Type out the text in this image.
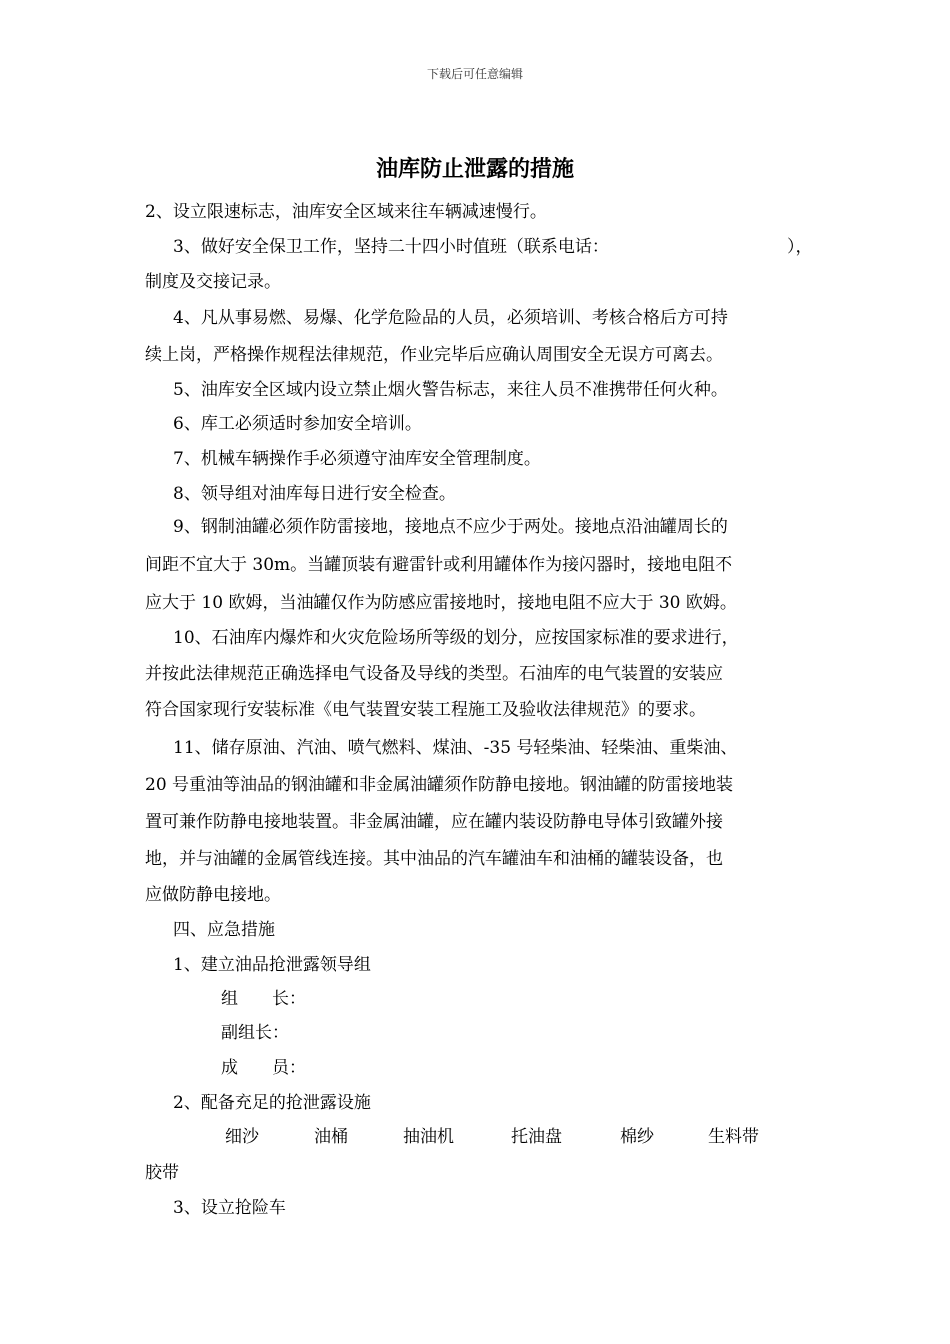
下载后可任意编辑
油库防止泄露的措施

2、设立限速标志，油库安全区域来往车辆减速慢行。

3、做好安全保卫工作，坚持二十四小时值班（联系电话：	），

制度及交接记录。

4、凡从事易燃、易爆、化学危险品的人员，必须培训、考核合格后方可持

续上岗，严格操作规程法律规范，作业完毕后应确认周围安全无误方可离去。

5、油库安全区域内设立禁止烟火警告标志，来往人员不准携带任何火种。

6、库工必须适时参加安全培训。

7、机械车辆操作手必须遵守油库安全管理制度。

8、领导组对油库每日进行安全检查。

9、钢制油罐必须作防雷接地，接地点不应少于两处。接地点沿油罐周长的

间距不宜大于 30m。当罐顶装有避雷针或利用罐体作为接闪器时，接地电阻不

应大于 10 欧姆，当油罐仅作为防感应雷接地时，接地电阻不应大于 30 欧姆。

10、石油库内爆炸和火灾危险场所等级的划分，应按国家标准的要求进行，

并按此法律规范正确选择电气设备及导线的类型。石油库的电气装置的安装应

符合国家现行安装标准《电气装置安装工程施工及验收法律规范》的要求。

11、储存原油、汽油、喷气燃料、煤油、-35 号轻柴油、轻柴油、重柴油、

20 号重油等油品的钢油罐和非金属油罐须作防静电接地。钢油罐的防雷接地装

置可兼作防静电接地装置。非金属油罐，应在罐内装设防静电导体引致罐外接

地，并与油罐的金属管线连接。其中油品的汽车罐油车和油桶的罐装设备，也

应做防静电接地。

四、应急措施

1、建立油品抢泄露领导组

组　　长：

副组长：

成　　员：

2、配备充足的抢泄露设施

细沙	油桶	抽油机	托油盘	棉纱	生料带

胶带

3、设立抢险车
